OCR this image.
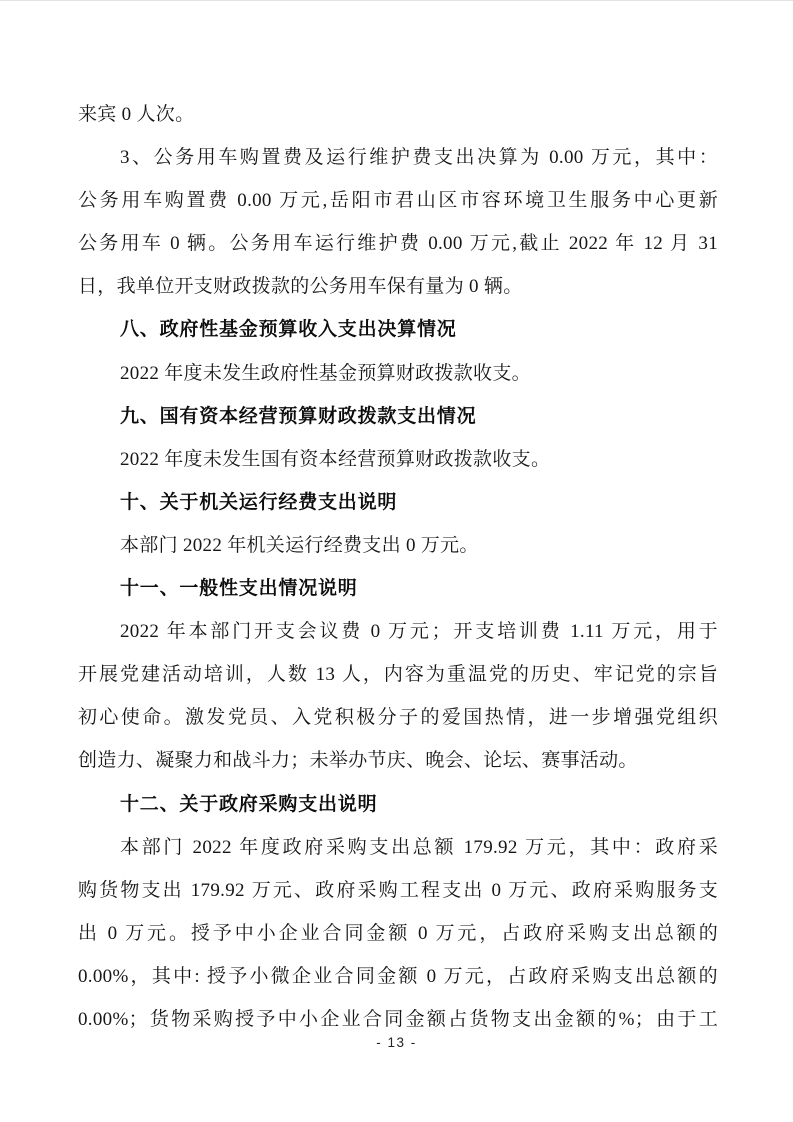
来宾 0 人次。
3、公务用车购置费及运行维护费支出决算为 0.00 万元，其中：
公务用车购置费 0.00 万元,岳阳市君山区市容环境卫生服务中心更新
公务用车 0 辆。公务用车运行维护费 0.00 万元,截止 2022 年 12 月 31
日，我单位开支财政拨款的公务用车保有量为 0 辆。
八、政府性基金预算收入支出决算情况
2022 年度未发生政府性基金预算财政拨款收支。
九、国有资本经营预算财政拨款支出情况
2022 年度未发生国有资本经营预算财政拨款收支。
十、关于机关运行经费支出说明
本部门 2022 年机关运行经费支出 0 万元。
十一、一般性支出情况说明
2022 年本部门开支会议费 0 万元；开支培训费 1.11 万元，用于
开展党建活动培训，人数 13 人，内容为重温党的历史、牢记党的宗旨
初心使命。激发党员、入党积极分子的爱国热情，进一步增强党组织
创造力、凝聚力和战斗力；未举办节庆、晚会、论坛、赛事活动。
十二、关于政府采购支出说明
本部门 2022 年度政府采购支出总额 179.92 万元，其中：政府采
购货物支出 179.92 万元、政府采购工程支出 0 万元、政府采购服务支
出 0 万元。授予中小企业合同金额 0 万元，占政府采购支出总额的
0.00%，其中: 授予小微企业合同金额 0 万元，占政府采购支出总额的
0.00%；货物采购授予中小企业合同金额占货物支出金额的%；由于工
- 13 -
